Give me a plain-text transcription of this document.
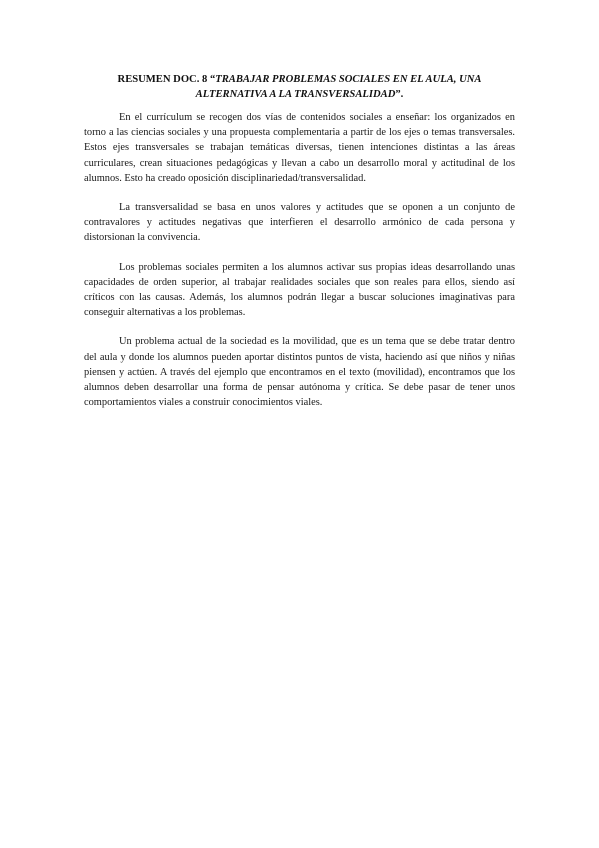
RESUMEN DOC. 8 “TRABAJAR PROBLEMAS SOCIALES EN EL AULA, UNA ALTERNATIVA A LA TRANSVERSALIDAD”.

En el currículum se recogen dos vías de contenidos sociales a enseñar: los organizados en torno a las ciencias sociales y una propuesta complementaria a partir de los ejes o temas transversales. Estos ejes transversales se trabajan temáticas diversas, tienen intenciones distintas a las áreas curriculares, crean situaciones pedagógicas y llevan a cabo un desarrollo moral y actitudinal de los alumnos. Esto ha creado oposición disciplinariedad/transversalidad.

La transversalidad se basa en unos valores y actitudes que se oponen a un conjunto de contravalores y actitudes negativas que interfieren el desarrollo armónico de cada persona y distorsionan la convivencia.

Los problemas sociales permiten a los alumnos activar sus propias ideas desarrollando unas capacidades de orden superior, al trabajar realidades sociales que son reales para ellos, siendo así críticos con las causas. Además, los alumnos podrán llegar a buscar soluciones imaginativas para conseguir alternativas a los problemas.

Un problema actual de la sociedad es la movilidad, que es un tema que se debe tratar dentro del aula y donde los alumnos pueden aportar distintos puntos de vista, haciendo así que niños y niñas piensen y actúen. A través del ejemplo que encontramos en el texto (movilidad), encontramos que los alumnos deben desarrollar una forma de pensar autónoma y crítica. Se debe pasar de tener unos comportamientos viales a construir conocimientos viales.
